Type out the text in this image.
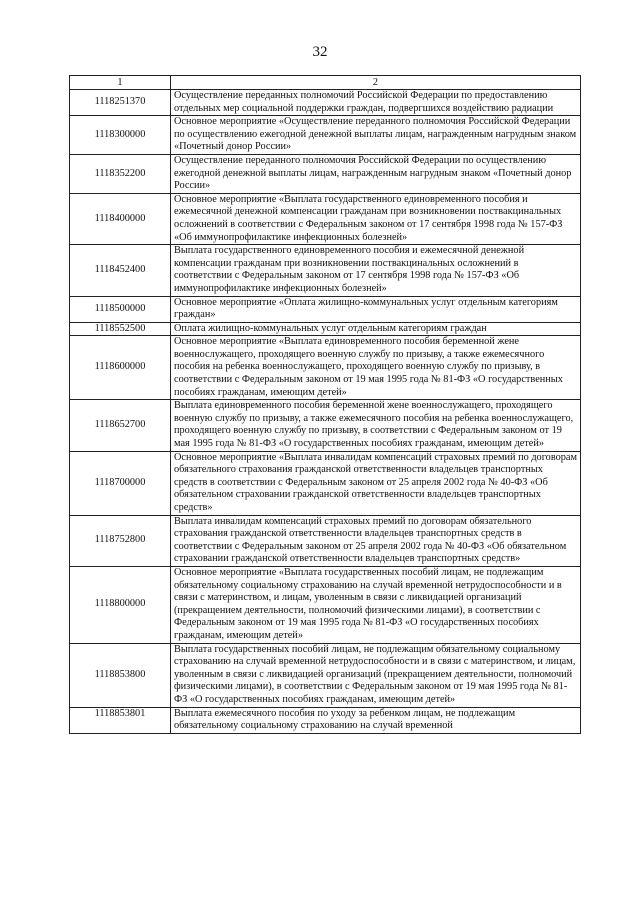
32
1	2
1118251370	Осуществление переданных полномочий Российской Федерации по предоставлению отдельных мер социальной поддержки граждан, подвергшихся воздействию радиации
1118300000	Основное мероприятие «Осуществление переданного полномочия Российской Федерации по осуществлению ежегодной денежной выплаты лицам, награжденным нагрудным знаком «Почетный донор России»
1118352200	Осуществление переданного полномочия Российской Федерации по осуществлению ежегодной денежной выплаты лицам, награжденным нагрудным знаком «Почетный донор России»
1118400000	Основное мероприятие «Выплата государственного единовременного пособия и ежемесячной денежной компенсации гражданам при возникновении поствакцинальных осложнений в соответствии с Федеральным законом от 17 сентября 1998 года № 157-ФЗ «Об иммунопрофилактике инфекционных болезней»
1118452400	Выплата государственного единовременного пособия и ежемесячной денежной компенсации гражданам при возникновении поствакцинальных осложнений в соответствии с Федеральным законом от 17 сентября 1998 года № 157-ФЗ «Об иммунопрофилактике инфекционных болезней»
1118500000	Основное мероприятие «Оплата жилищно-коммунальных услуг отдельным категориям граждан»
1118552500	Оплата жилищно-коммунальных услуг отдельным категориям граждан
1118600000	Основное мероприятие «Выплата единовременного пособия беременной жене военнослужащего, проходящего военную службу по призыву, а также ежемесячного пособия на ребенка военнослужащего, проходящего военную службу по призыву, в соответствии с Федеральным законом от 19 мая 1995 года № 81-ФЗ «О государственных пособиях гражданам, имеющим детей»
1118652700	Выплата единовременного пособия беременной жене военнослужащего, проходящего военную службу по призыву, а также ежемесячного пособия на ребенка военнослужащего, проходящего военную службу по призыву, в соответствии с Федеральным законом от 19 мая 1995 года № 81-ФЗ «О государственных пособиях гражданам, имеющим детей»
1118700000	Основное мероприятие «Выплата инвалидам компенсаций страховых премий по договорам обязательного страхования гражданской ответственности владельцев транспортных средств в соответствии с Федеральным законом от 25 апреля 2002 года № 40-ФЗ «Об обязательном страховании гражданской ответственности владельцев транспортных средств»
1118752800	Выплата инвалидам компенсаций страховых премий по договорам обязательного страхования гражданской ответственности владельцев транспортных средств в соответствии с Федеральным законом от 25 апреля 2002 года № 40-ФЗ «Об обязательном страховании гражданской ответственности владельцев транспортных средств»
1118800000	Основное мероприятие «Выплата государственных пособий лицам, не подлежащим обязательному социальному страхованию на случай временной нетрудоспособности и в связи с материнством, и лицам, уволенным в связи с ликвидацией организаций (прекращением деятельности, полномочий физическими лицами), в соответствии с Федеральным законом от 19 мая 1995 года № 81-ФЗ «О государственных пособиях гражданам, имеющим детей»
1118853800	Выплата государственных пособий лицам, не подлежащим обязательному социальному страхованию на случай временной нетрудоспособности и в связи с материнством, и лицам, уволенным в связи с ликвидацией организаций (прекращением деятельности, полномочий физическими лицами), в соответствии с Федеральным законом от 19 мая 1995 года № 81-ФЗ «О государственных пособиях гражданам, имеющим детей»
1118853801	Выплата ежемесячного пособия по уходу за ребенком лицам, не подлежащим обязательному социальному страхованию на случай временной
